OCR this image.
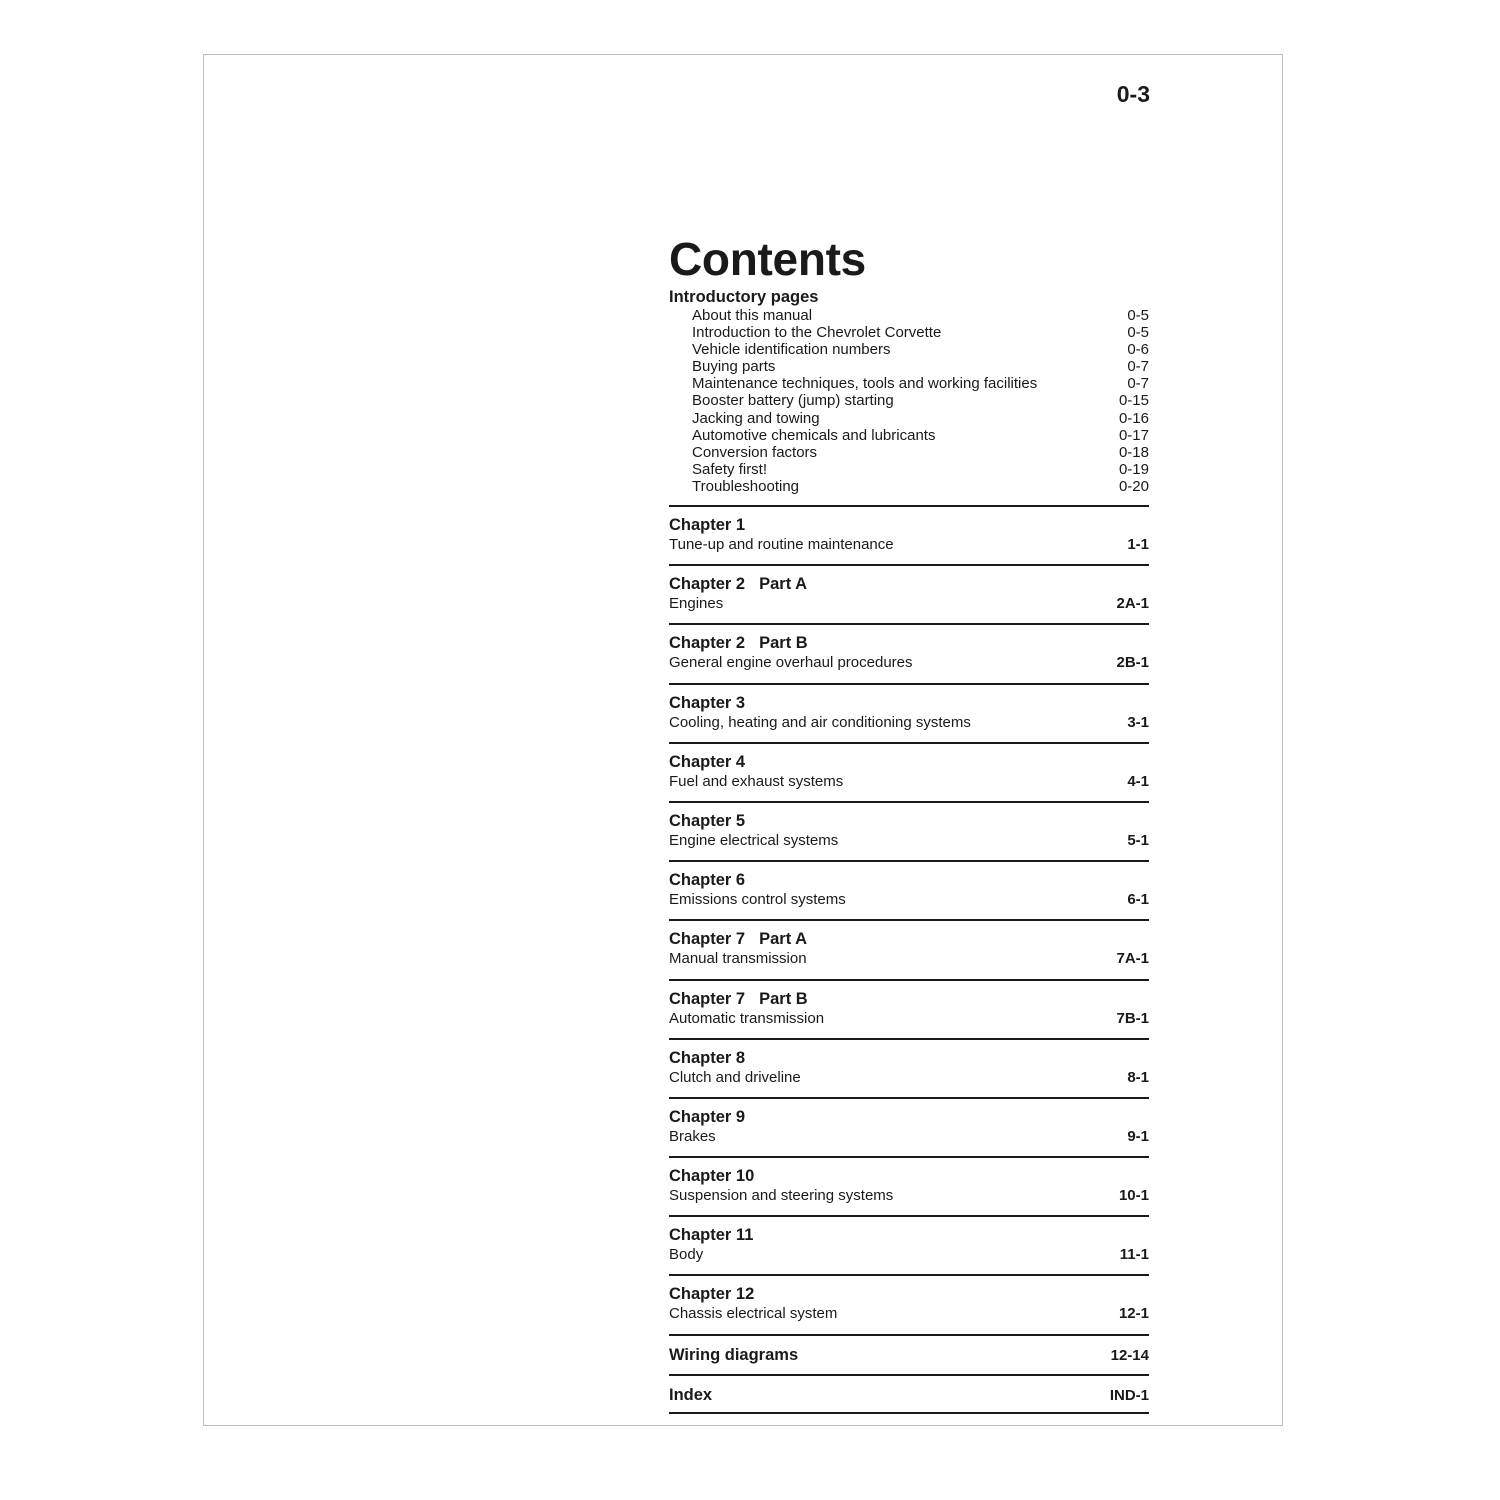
0-3
Contents
Introductory pages
About this manual	0-5
Introduction to the Chevrolet Corvette	0-5
Vehicle identification numbers	0-6
Buying parts	0-7
Maintenance techniques, tools and working facilities	0-7
Booster battery (jump) starting	0-15
Jacking and towing	0-16
Automotive chemicals and lubricants	0-17
Conversion factors	0-18
Safety first!	0-19
Troubleshooting	0-20
Chapter 1
Tune-up and routine maintenance	1-1
Chapter 2 Part A
Engines	2A-1
Chapter 2 Part B
General engine overhaul procedures	2B-1
Chapter 3
Cooling, heating and air conditioning systems	3-1
Chapter 4
Fuel and exhaust systems	4-1
Chapter 5
Engine electrical systems	5-1
Chapter 6
Emissions control systems	6-1
Chapter 7 Part A
Manual transmission	7A-1
Chapter 7 Part B
Automatic transmission	7B-1
Chapter 8
Clutch and driveline	8-1
Chapter 9
Brakes	9-1
Chapter 10
Suspension and steering systems	10-1
Chapter 11
Body	11-1
Chapter 12
Chassis electrical system	12-1
Wiring diagrams	12-14
Index	IND-1
